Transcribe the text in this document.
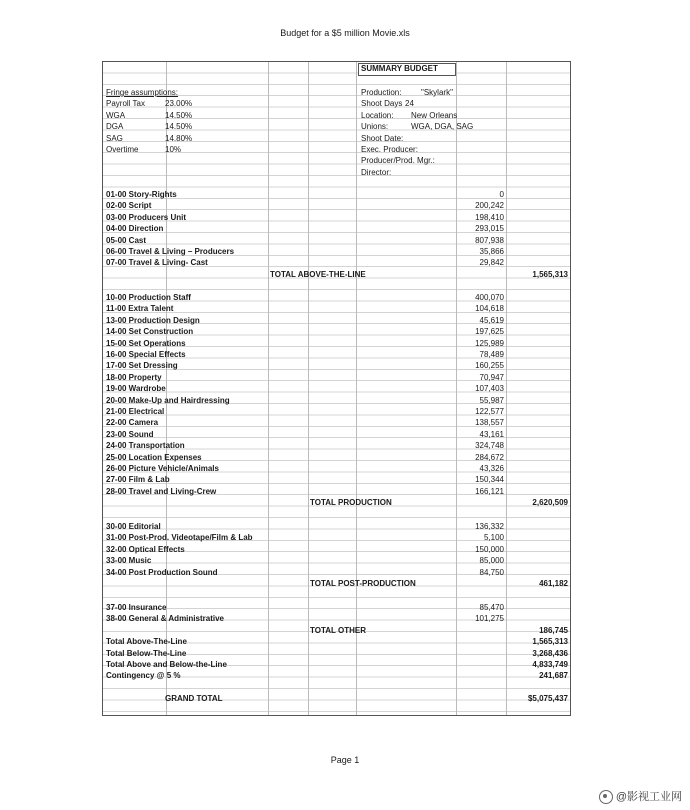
Budget for a $5 million Movie.xls
SUMMARY BUDGET
Fringe assumptions:
Payroll Tax	23.00%
WGA	14.50%
DGA	14.50%
SAG	14.80%
Overtime	10%
Production: "Skylark"
Shoot Days 24
Location: New Orleans
Unions:	WGA, DGA, SAG
Shoot Date:
Exec. Producer:
Producer/Prod. Mgr.:
Director:
01-00 Story-Rights	0
02-00 Script	200,242
03-00 Producers Unit	198,410
04-00 Direction	293,015
05-00 Cast	807,938
06-00 Travel & Living – Producers	35,866
07-00 Travel & Living- Cast	29,842
TOTAL ABOVE-THE-LINE	1,565,313
10-00 Production Staff	400,070
11-00 Extra Talent	104,618
13-00 Production Design	45,619
14-00 Set Construction	197,625
15-00 Set Operations	125,989
16-00 Special Effects	78,489
17-00 Set Dressing	160,255
18-00 Property	70,947
19-00 Wardrobe	107,403
20-00 Make-Up and Hairdressing	55,987
21-00 Electrical	122,577
22-00 Camera	138,557
23-00 Sound	43,161
24-00 Transportation	324,748
25-00 Location Expenses	284,672
26-00 Picture Vehicle/Animals	43,326
27-00 Film & Lab	150,344
28-00 Travel and Living-Crew	166,121
TOTAL PRODUCTION	2,620,509
30-00 Editorial	136,332
31-00 Post-Prod. Videotape/Film & Lab	5,100
32-00 Optical Effects	150,000
33-00 Music	85,000
34-00 Post Production Sound	84,750
TOTAL POST-PRODUCTION	461,182
37-00 Insurance	85,470
38-00 General & Administrative	101,275
TOTAL OTHER	186,745
Total Above-The-Line	1,565,313
Total Below-The-Line	3,268,436
Total Above and Below-the-Line	4,833,749
Contingency @ 5 %	241,687
GRAND TOTAL	$5,075,437
Page 1
@影视工业网
